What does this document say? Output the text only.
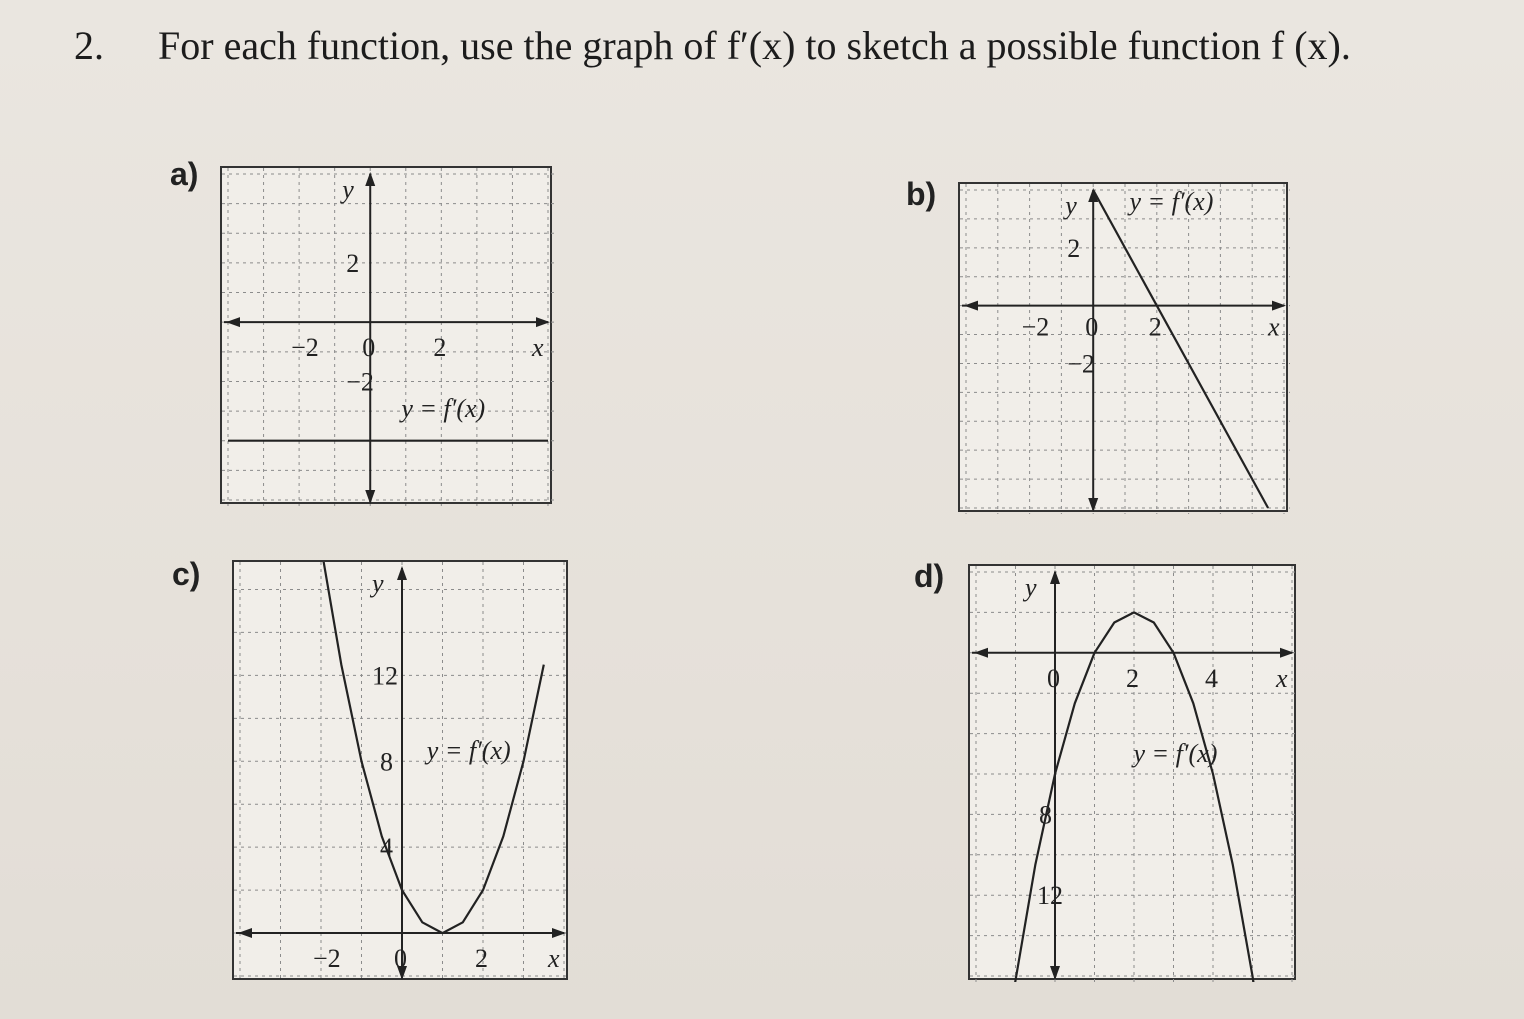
2. For each function, use the graph of f′(x) to sketch a possible function f (x).
a)
x
y
−2 0 2
2
−2
y = f′(x)
b)
x
y
−2 0 2
2
−2
y = f′(x)
c)
x
y
−2 0	2
12
8
4
y = f′(x)
d)
x
y
0	2	4
8
12
y = f′(x)
